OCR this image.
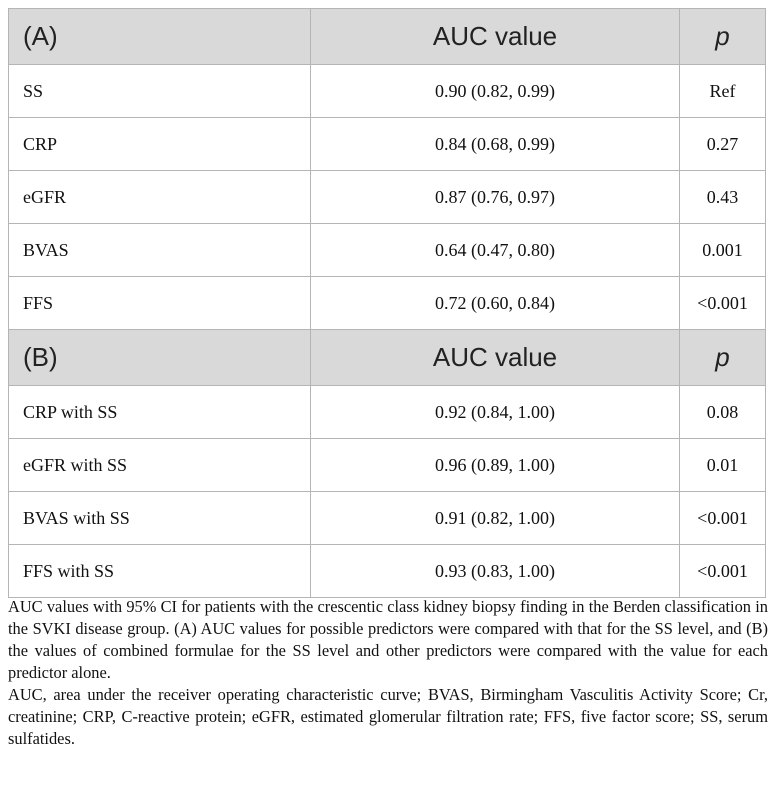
(A)	AUC value	p
SS	0.90 (0.82, 0.99)	Ref
CRP	0.84 (0.68, 0.99)	0.27
eGFR	0.87 (0.76, 0.97)	0.43
BVAS	0.64 (0.47, 0.80)	0.001
FFS	0.72 (0.60, 0.84)	<0.001
(B)	AUC value	p
CRP with SS	0.92 (0.84, 1.00)	0.08
eGFR with SS	0.96 (0.89, 1.00)	0.01
BVAS with SS	0.91 (0.82, 1.00)	<0.001
FFS with SS	0.93 (0.83, 1.00)	<0.001

AUC values with 95% CI for patients with the crescentic class kidney biopsy finding in the Berden classification in the SVKI disease group. (A) AUC values for possible predictors were compared with that for the SS level, and (B) the values of combined formulae for the SS level and other predictors were compared with the value for each predictor alone.

AUC, area under the receiver operating characteristic curve; BVAS, Birmingham Vasculitis Activity Score; Cr, creatinine; CRP, C-reactive protein; eGFR, estimated glomerular filtration rate; FFS, five factor score; SS, serum sulfatides.
